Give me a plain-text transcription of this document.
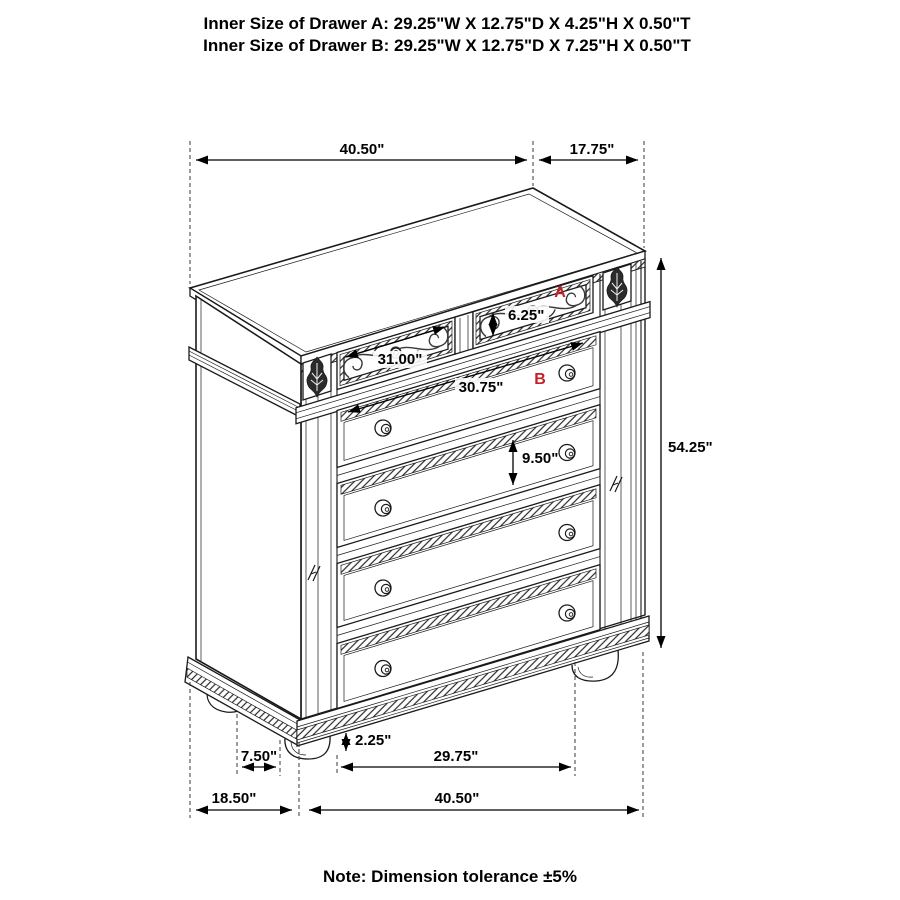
40.50"	17.75"
54.25"
31.00"
6.25"
A
B
30.75"
9.50"
2.25"
7.50"	29.75"
18.50"	40.50"
Inner Size of Drawer A: 29.25"W X 12.75"D X 4.25"H X 0.50"T
Inner Size of Drawer B: 29.25"W X 12.75"D X 7.25"H X 0.50"T
Note: Dimension tolerance ±5%
